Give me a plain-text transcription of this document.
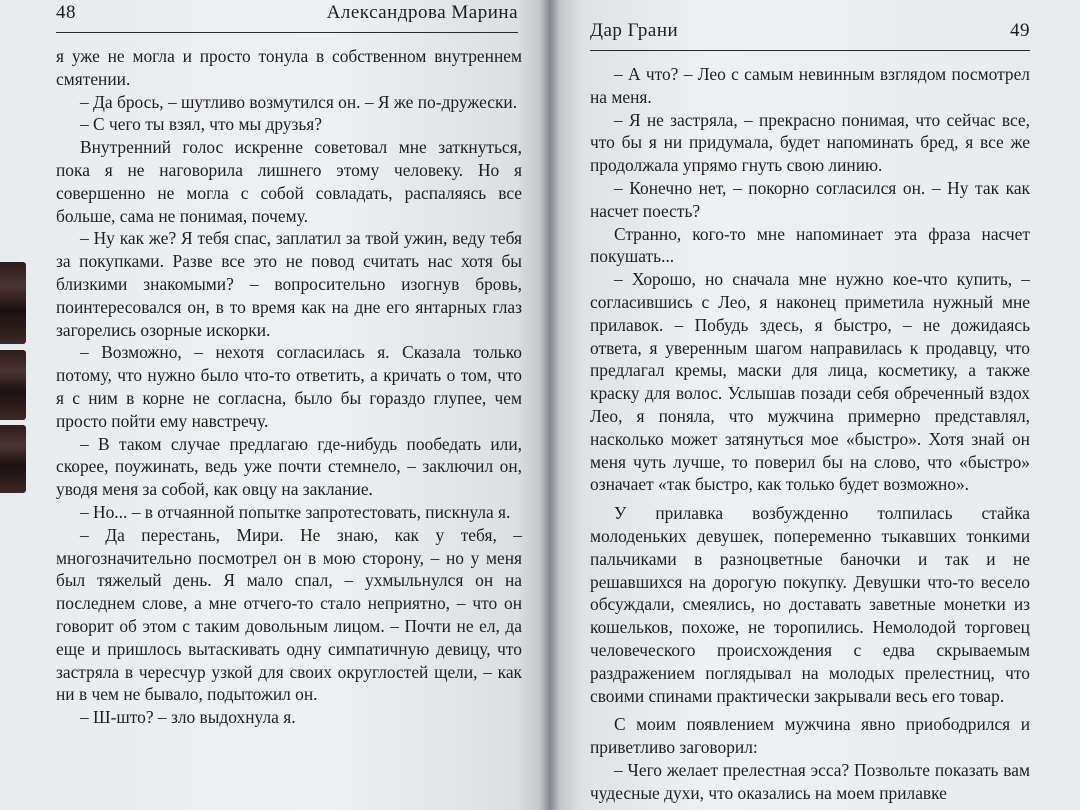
48	Александрова Марина

я уже не могла и просто тонула в собственном внутреннем смятении.

– Да брось, – шутливо возмутился он. – Я же по-дружески.

– С чего ты взял, что мы друзья?

Внутренний голос искренне советовал мне заткнуться, пока я не наговорила лишнего этому человеку. Но я совершенно не могла с собой совладать, распаляясь все больше, сама не понимая, почему.

– Ну как же? Я тебя спас, заплатил за твой ужин, веду тебя за покупками. Разве все это не повод считать нас хотя бы близкими знакомыми? – вопросительно изогнув бровь, поинтересовался он, в то время как на дне его янтарных глаз загорелись озорные искорки.

– Возможно, – нехотя согласилась я. Сказала только потому, что нужно было что-то ответить, а кричать о том, что я с ним в корне не согласна, было бы гораздо глупее, чем просто пойти ему навстречу.

– В таком случае предлагаю где-нибудь пообедать или, скорее, поужинать, ведь уже почти стемнело, – заключил он, уводя меня за собой, как овцу на заклание.

– Но... – в отчаянной попытке запротестовать, пискнула я.

– Да перестань, Мири. Не знаю, как у тебя, – многозначительно посмотрел он в мою сторону, – но у меня был тяжелый день. Я мало спал, – ухмыльнулся он на последнем слове, а мне отчего-то стало неприятно, – что он говорит об этом с таким довольным лицом. – Почти не ел, да еще и пришлось вытаскивать одну симпатичную девицу, что застряла в чересчур узкой для своих округлостей щели, – как ни в чем не бывало, подытожил он.

– Ш-што? – зло выдохнула я.

Дар Грани	49

– А что? – Лео с самым невинным взглядом посмотрел на меня.

– Я не застряла, – прекрасно понимая, что сейчас все, что бы я ни придумала, будет напоминать бред, я все же продолжала упрямо гнуть свою линию.

– Конечно нет, – покорно согласился он. – Ну так как насчет поесть?

Странно, кого-то мне напоминает эта фраза насчет покушать...

– Хорошо, но сначала мне нужно кое-что купить, – согласившись с Лео, я наконец приметила нужный мне прилавок. – Побудь здесь, я быстро, – не дожидаясь ответа, я уверенным шагом направилась к продавцу, что предлагал кремы, маски для лица, косметику, а также краску для волос. Услышав позади себя обреченный вздох Лео, я поняла, что мужчина примерно представлял, насколько может затянуться мое «быстро». Хотя знай он меня чуть лучше, то поверил бы на слово, что «быстро» означает «так быстро, как только будет возможно».

У прилавка возбужденно толпилась стайка молоденьких девушек, попеременно тыкавших тонкими пальчиками в разноцветные баночки и так и не решавшихся на дорогую покупку. Девушки что-то весело обсуждали, смеялись, но доставать заветные монетки из кошельков, похоже, не торопились. Немолодой торговец человеческого происхождения с едва скрываемым раздражением поглядывал на молодых прелестниц, что своими спинами практически закрывали весь его товар.

С моим появлением мужчина явно приободрился и приветливо заговорил:

– Чего желает прелестная эсса? Позвольте показать вам чудесные духи, что оказались на моем прилавке
